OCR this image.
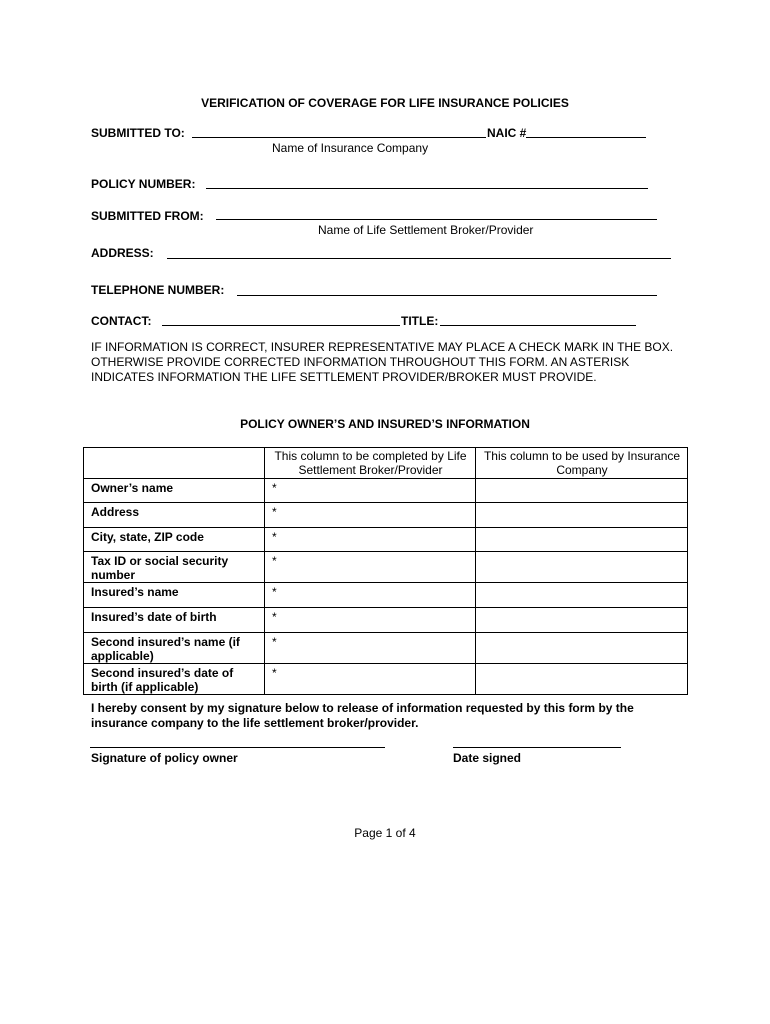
VERIFICATION OF COVERAGE FOR LIFE INSURANCE POLICIES
SUBMITTED TO:	NAIC #
Name of Insurance Company
POLICY NUMBER:
SUBMITTED FROM:
Name of Life Settlement Broker/Provider
ADDRESS:
TELEPHONE NUMBER:
CONTACT:	TITLE:
IF INFORMATION IS CORRECT, INSURER REPRESENTATIVE MAY PLACE A CHECK MARK IN THE BOX. OTHERWISE PROVIDE CORRECTED INFORMATION THROUGHOUT THIS FORM. AN ASTERISK INDICATES INFORMATION THE LIFE SETTLEMENT PROVIDER/BROKER MUST PROVIDE.
POLICY OWNER’S AND INSURED’S INFORMATION
	This column to be completed by Life Settlement Broker/Provider	This column to be used by Insurance Company
Owner’s name	*	
Address	*	
City, state, ZIP code	*	
Tax ID or social security number	*	
Insured’s name	*	
Insured’s date of birth	*	
Second insured’s name (if applicable)	*	
Second insured’s date of birth (if applicable)	*	
I hereby consent by my signature below to release of information requested by this form by the insurance company to the life settlement broker/provider.
Signature of policy owner	Date signed
Page 1 of 4
